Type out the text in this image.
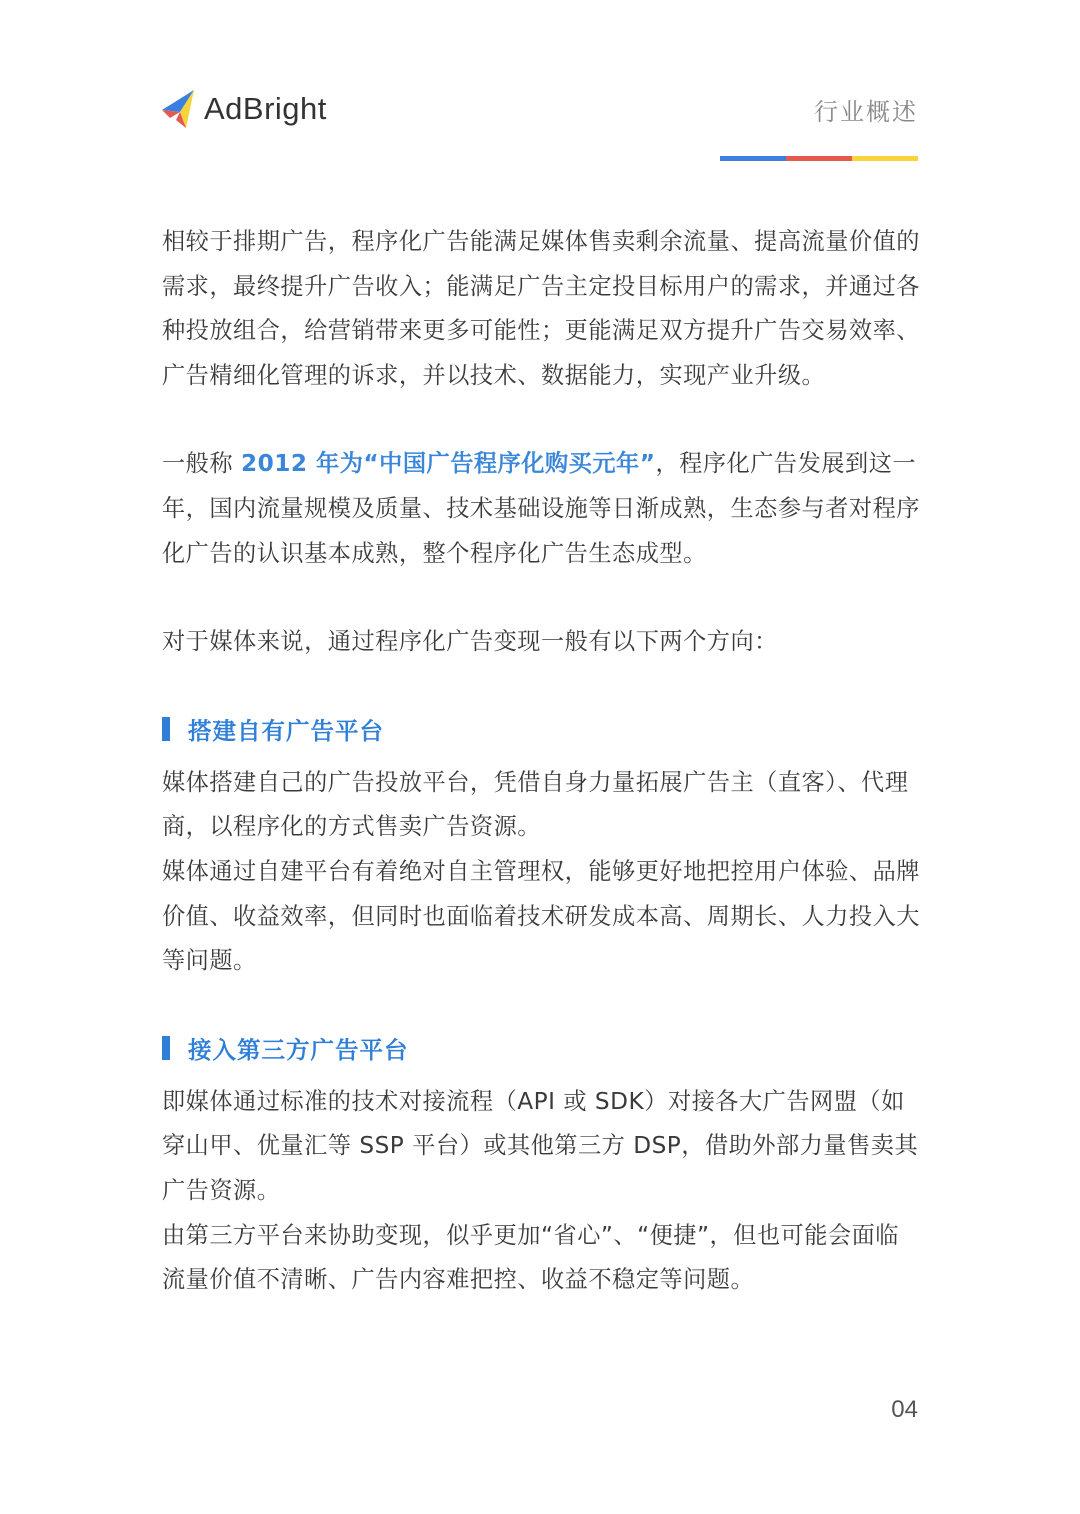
AdBright	行业概述

相较于排期广告，程序化广告能满足媒体售卖剩余流量、提高流量价值的需求，最终提升广告收入；能满足广告主定投目标用户的需求，并通过各种投放组合，给营销带来更多可能性；更能满足双方提升广告交易效率、广告精细化管理的诉求，并以技术、数据能力，实现产业升级。

一般称 2012 年为“中国广告程序化购买元年”，程序化广告发展到这一年，国内流量规模及质量、技术基础设施等日渐成熟，生态参与者对程序化广告的认识基本成熟，整个程序化广告生态成型。

对于媒体来说，通过程序化广告变现一般有以下两个方向：

搭建自有广告平台

媒体搭建自己的广告投放平台，凭借自身力量拓展广告主（直客）、代理商，以程序化的方式售卖广告资源。

媒体通过自建平台有着绝对自主管理权，能够更好地把控用户体验、品牌价值、收益效率，但同时也面临着技术研发成本高、周期长、人力投入大等问题。

接入第三方广告平台

即媒体通过标准的技术对接流程（API 或 SDK）对接各大广告网盟（如穿山甲、优量汇等 SSP 平台）或其他第三方 DSP，借助外部力量售卖其广告资源。

由第三方平台来协助变现，似乎更加“省心”、“便捷”，但也可能会面临流量价值不清晰、广告内容难把控、收益不稳定等问题。

04
